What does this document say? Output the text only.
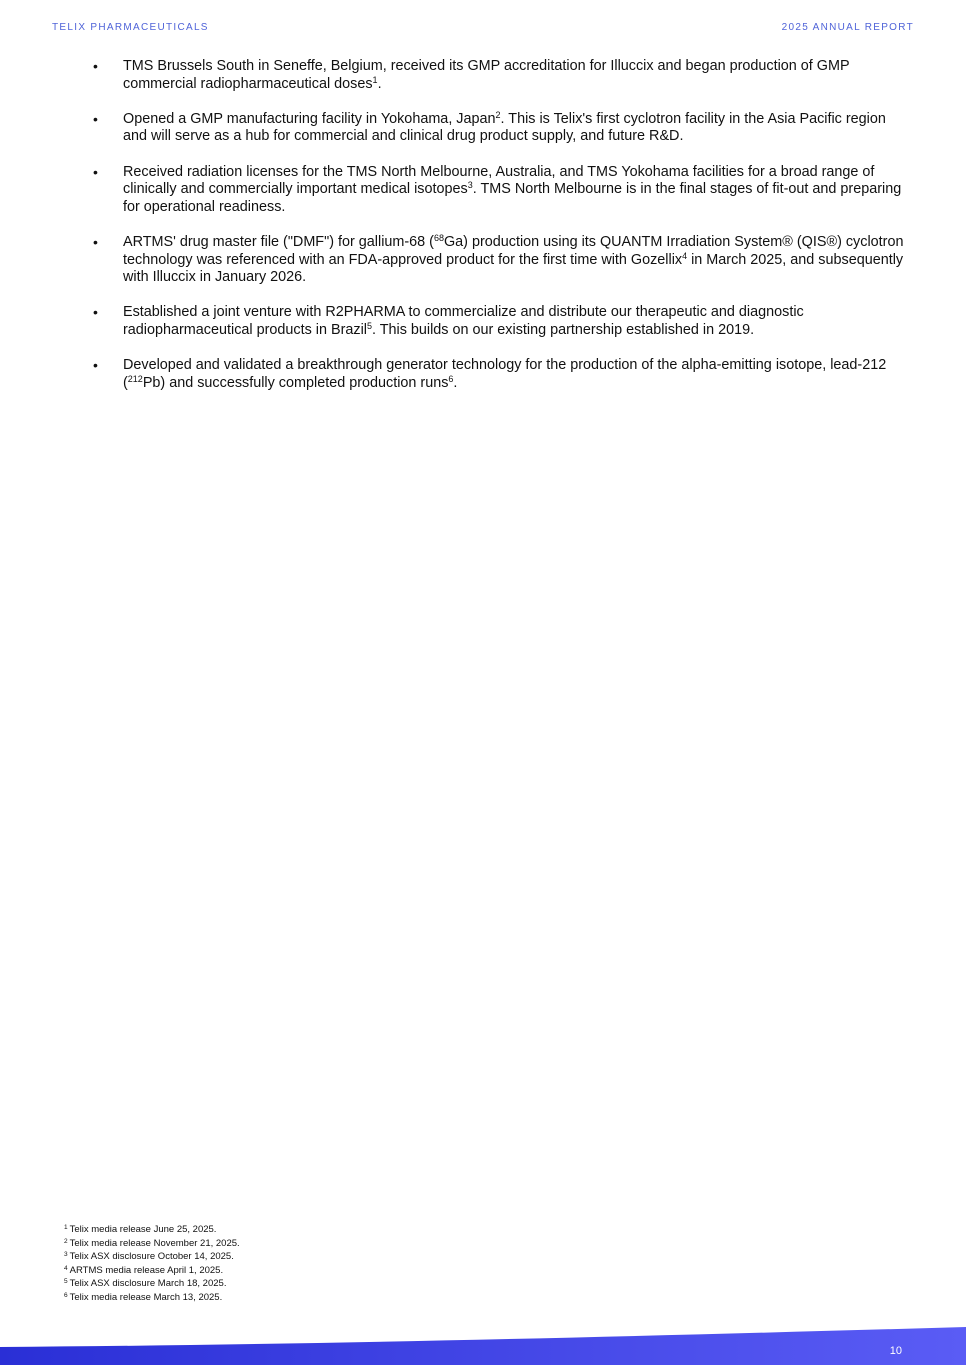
TELIX PHARMACEUTICALS	2025 ANNUAL REPORT
• TMS Brussels South in Seneffe, Belgium, received its GMP accreditation for Illuccix and began production of GMP commercial radiopharmaceutical doses$^1$.
• Opened a GMP manufacturing facility in Yokohama, Japan$^2$. This is Telix's first cyclotron facility in the Asia Pacific region and will serve as a hub for commercial and clinical drug product supply, and future R&D.
• Received radiation licenses for the TMS North Melbourne, Australia, and TMS Yokohama facilities for a broad range of clinically and commercially important medical isotopes$^3$. TMS North Melbourne is in the final stages of fit-out and preparing for operational readiness.
• ARTMS' drug master file ("DMF") for gallium-68 ($^{68}$Ga) production using its QUANTM Irradiation System® (QIS®) cyclotron technology was referenced with an FDA-approved product for the first time with Gozellix$^4$ in March 2025, and subsequently with Illuccix in January 2026.
• Established a joint venture with R2PHARMA to commercialize and distribute our therapeutic and diagnostic radiopharmaceutical products in Brazil$^5$. This builds on our existing partnership established in 2019.
• Developed and validated a breakthrough generator technology for the production of the alpha-emitting isotope, lead-212 ($^{212}$Pb) and successfully completed production runs$^6$.
$^1$ Telix media release June 25, 2025.
$^2$ Telix media release November 21, 2025.
$^3$ Telix ASX disclosure October 14, 2025.
$^4$ ARTMS media release April 1, 2025.
$^5$ Telix ASX disclosure March 18, 2025.
$^6$ Telix media release March 13, 2025.
10
